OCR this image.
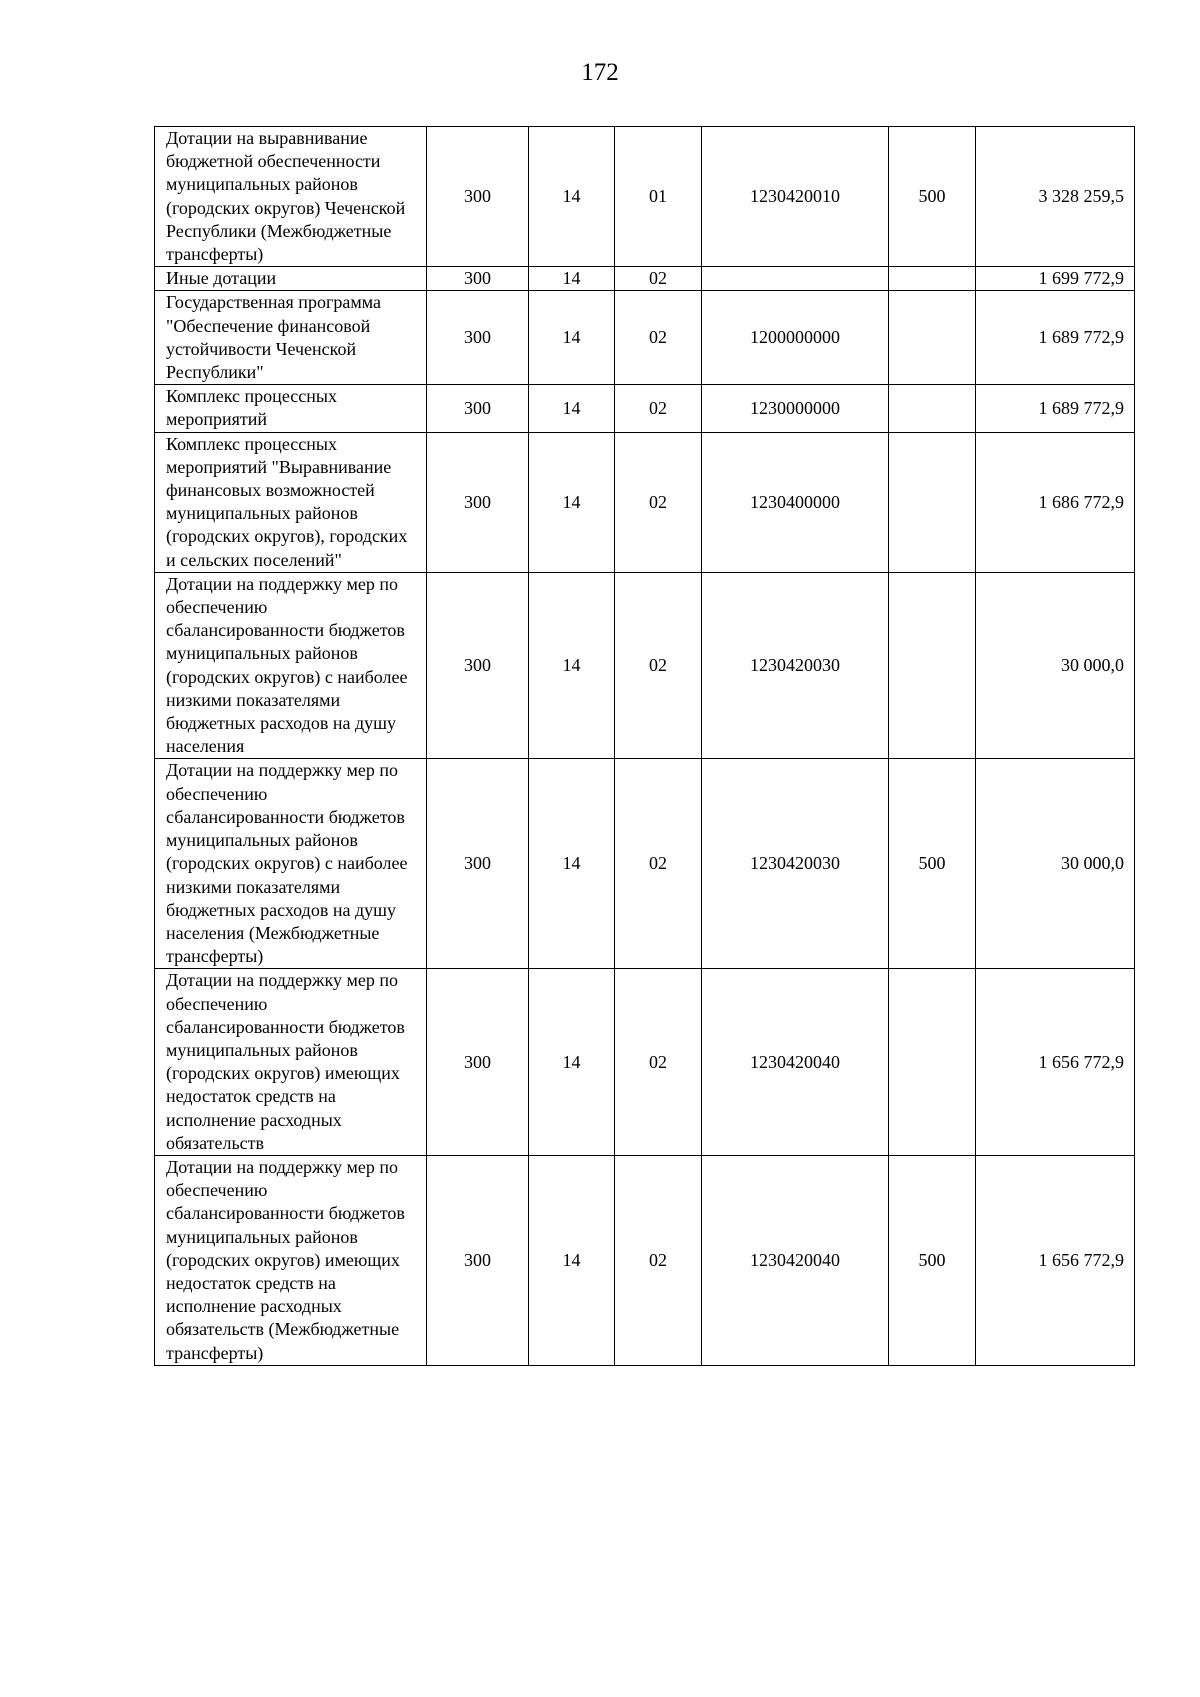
172
Дотации на выравнивание бюджетной обеспеченности муниципальных районов (городских округов) Чеченской Республики (Межбюджетные трансферты)	300	14	01	1230420010	500	3 328 259,5
Иные дотации	300	14	02			1 699 772,9
Государственная программа "Обеспечение финансовой устойчивости Чеченской Республики"	300	14	02	1200000000		1 689 772,9
Комплекс процессных мероприятий	300	14	02	1230000000		1 689 772,9
Комплекс процессных мероприятий "Выравнивание финансовых возможностей муниципальных районов (городских округов), городских и сельских поселений"	300	14	02	1230400000		1 686 772,9
Дотации на поддержку мер по обеспечению сбалансированности бюджетов муниципальных районов (городских округов) с наиболее низкими показателями бюджетных расходов на душу населения	300	14	02	1230420030		30 000,0
Дотации на поддержку мер по обеспечению сбалансированности бюджетов муниципальных районов (городских округов) с наиболее низкими показателями бюджетных расходов на душу населения (Межбюджетные трансферты)	300	14	02	1230420030	500	30 000,0
Дотации на поддержку мер по обеспечению сбалансированности бюджетов муниципальных районов (городских округов) имеющих недостаток средств на исполнение расходных обязательств	300	14	02	1230420040		1 656 772,9
Дотации на поддержку мер по обеспечению сбалансированности бюджетов муниципальных районов (городских округов) имеющих недостаток средств на исполнение расходных обязательств (Межбюджетные трансферты)	300	14	02	1230420040	500	1 656 772,9
